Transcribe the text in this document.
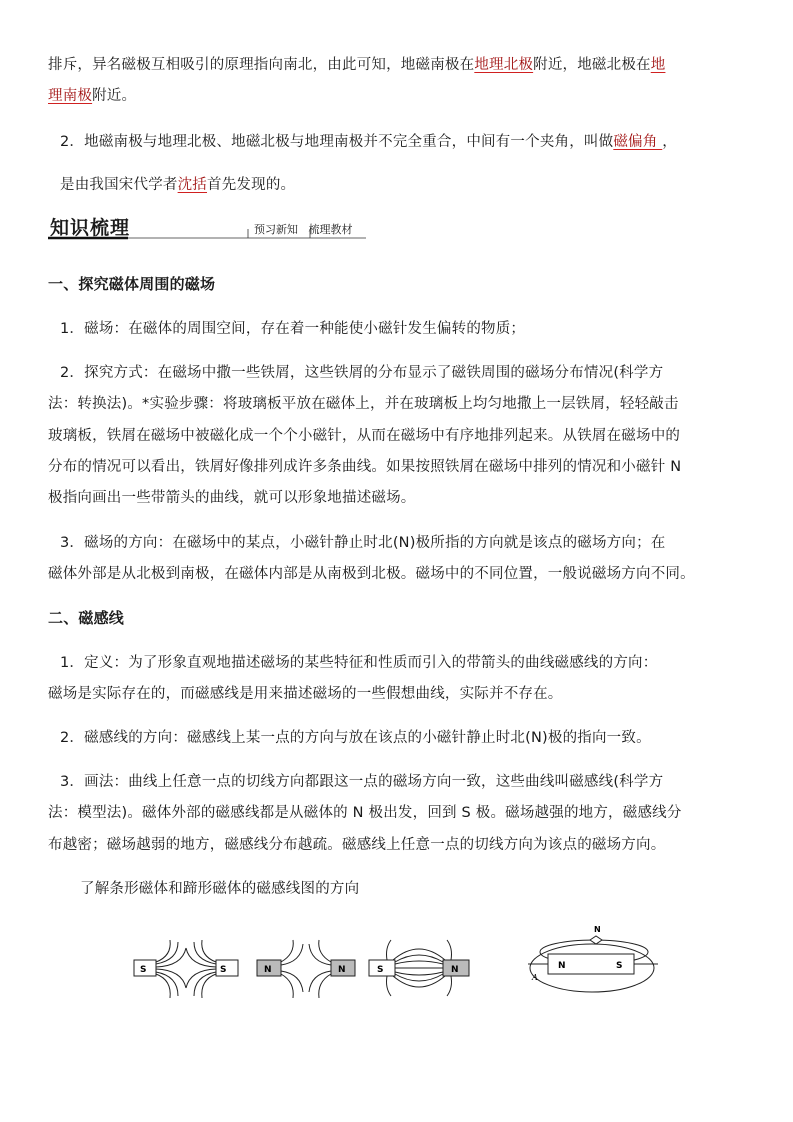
排斥，异名磁极互相吸引的原理指向南北，由此可知，地磁南极在地理北极附近，地磁北极在地
理南极附近。
2．地磁南极与地理北极、地磁北极与地理南极并不完全重合，中间有一个夹角，叫做磁偏角 ，
是由我国宋代学者沈括首先发现的。
知识梳理	预习新知 梳理教材
一、探究磁体周围的磁场
1．磁场：在磁体的周围空间，存在着一种能使小磁针发生偏转的物质；
2．探究方式：在磁场中撒一些铁屑，这些铁屑的分布显示了磁铁周围的磁场分布情况(科学方
法：转换法)。*实验步骤：将玻璃板平放在磁体上，并在玻璃板上均匀地撒上一层铁屑，轻轻敲击
玻璃板，铁屑在磁场中被磁化成一个个小磁针，从而在磁场中有序地排列起来。从铁屑在磁场中的
分布的情况可以看出，铁屑好像排列成许多条曲线。如果按照铁屑在磁场中排列的情况和小磁针 N
极指向画出一些带箭头的曲线，就可以形象地描述磁场。
3．磁场的方向：在磁场中的某点，小磁针静止时北(N)极所指的方向就是该点的磁场方向；在
磁体外部是从北极到南极，在磁体内部是从南极到北极。磁场中的不同位置，一般说磁场方向不同。
二、磁感线
1．定义：为了形象直观地描述磁场的某些特征和性质而引入的带箭头的曲线磁感线的方向：
磁场是实际存在的，而磁感线是用来描述磁场的一些假想曲线，实际并不存在。
2．磁感线的方向：磁感线上某一点的方向与放在该点的小磁针静止时北(N)极的指向一致。
3．画法：曲线上任意一点的切线方向都跟这一点的磁场方向一致，这些曲线叫磁感线(科学方
法：模型法)。磁体外部的磁感线都是从磁体的 N 极出发，回到 S 极。磁场越强的地方，磁感线分
布越密；磁场越弱的地方，磁感线分布越疏。磁感线上任意一点的切线方向为该点的磁场方向。
了解条形磁体和蹄形磁体的磁感线图的方向
S	S	N	N	S	N
N
N	S
A
